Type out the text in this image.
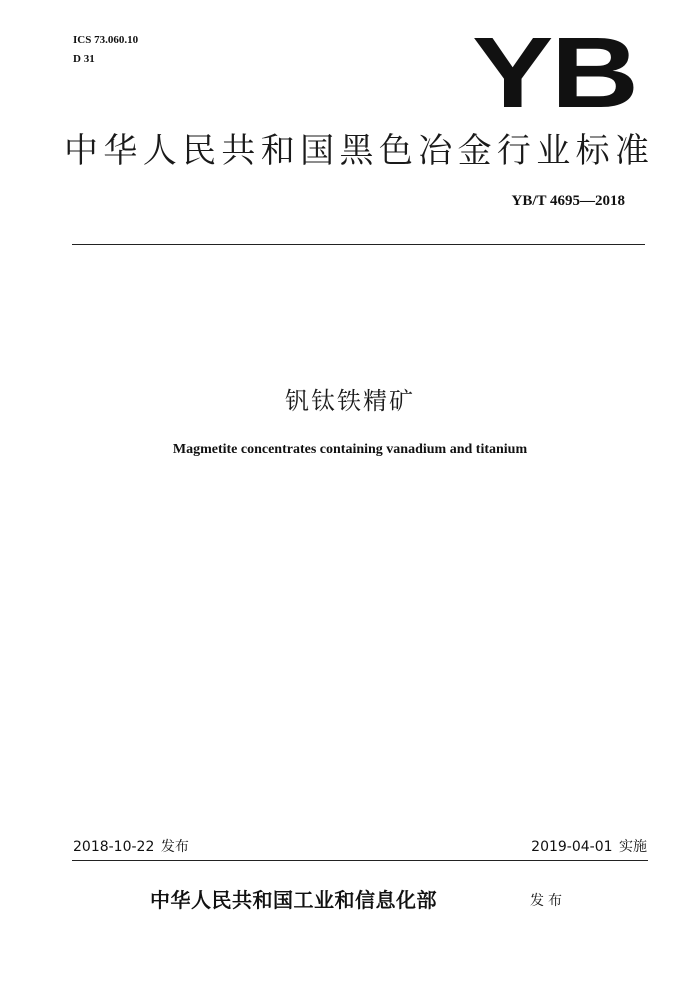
ICS 73.060.10
D 31	YB
中华人民共和国黑色冶金行业标准
YB/T 4695—2018
钒钛铁精矿
Magmetite concentrates containing vanadium and titanium
2018-10-22 发布	2019-04-01 实施
中华人民共和国工业和信息化部	发布
